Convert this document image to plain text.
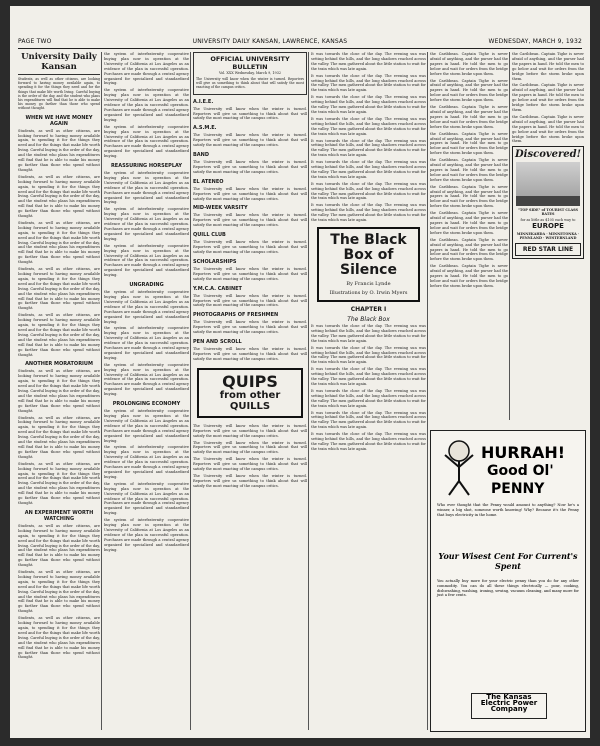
PAGE TWO	UNIVERSITY DAILY KANSAN, LAWRENCE, KANSAS	WEDNESDAY, MARCH 9, 1932
University Daily Kansan

Students, as well as other citizens, are looking forward to having money available again, to spending it for the things they need and for the things that make life worth living. Careful buying is the order of the day, and the student who plans his expenditures will find that he is able to make his money go farther than those who spend without thought.

WHEN WE HAVE MONEY AGAIN

Students, as well as other citizens, are looking forward to having money available again, to spending it for the things they need and for the things that make life worth living. Careful buying is the order of the day, and the student who plans his expenditures will find that he is able to make his money go farther than those who spend without thought.

Students, as well as other citizens, are looking forward to having money available again, to spending it for the things they need and for the things that make life worth living. Careful buying is the order of the day, and the student who plans his expenditures will find that he is able to make his money go farther than those who spend without thought.

Students, as well as other citizens, are looking forward to having money available again, to spending it for the things they need and for the things that make life worth living. Careful buying is the order of the day, and the student who plans his expenditures will find that he is able to make his money go farther than those who spend without thought.

Students, as well as other citizens, are looking forward to having money available again, to spending it for the things they need and for the things that make life worth living. Careful buying is the order of the day, and the student who plans his expenditures will find that he is able to make his money go farther than those who spend without thought.

Students, as well as other citizens, are looking forward to having money available again, to spending it for the things they need and for the things that make life worth living. Careful buying is the order of the day, and the student who plans his expenditures will find that he is able to make his money go farther than those who spend without thought.

ANOTHER MORATORIUM

Students, as well as other citizens, are looking forward to having money available again, to spending it for the things they need and for the things that make life worth living. Careful buying is the order of the day, and the student who plans his expenditures will find that he is able to make his money go farther than those who spend without thought.

Students, as well as other citizens, are looking forward to having money available again, to spending it for the things they need and for the things that make life worth living. Careful buying is the order of the day, and the student who plans his expenditures will find that he is able to make his money go farther than those who spend without thought.

Students, as well as other citizens, are looking forward to having money available again, to spending it for the things they need and for the things that make life worth living. Careful buying is the order of the day, and the student who plans his expenditures will find that he is able to make his money go farther than those who spend without thought.

AN EXPERIMENT WORTH WATCHING

Students, as well as other citizens, are looking forward to having money available again, to spending it for the things they need and for the things that make life worth living. Careful buying is the order of the day, and the student who plans his expenditures will find that he is able to make his money go farther than those who spend without thought.

Students, as well as other citizens, are looking forward to having money available again, to spending it for the things they need and for the things that make life worth living. Careful buying is the order of the day, and the student who plans his expenditures will find that he is able to make his money go farther than those who spend without thought.

Students, as well as other citizens, are looking forward to having money available again, to spending it for the things they need and for the things that make life worth living. Careful buying is the order of the day, and the student who plans his expenditures will find that he is able to make his money go farther than those who spend without thought.

the system of interfraternity cooperative buying plan now in operation at the University of California at Los Angeles as an evidence of the plan in successful operation. Purchases are made through a central agency organized for specialized and standardized buying.

the system of interfraternity cooperative buying plan now in operation at the University of California at Los Angeles as an evidence of the plan in successful operation. Purchases are made through a central agency organized for specialized and standardized buying.

the system of interfraternity cooperative buying plan now in operation at the University of California at Los Angeles as an evidence of the plan in successful operation. Purchases are made through a central agency organized for specialized and standardized buying.

REASSURING HORSEPLAY

the system of interfraternity cooperative buying plan now in operation at the University of California at Los Angeles as an evidence of the plan in successful operation. Purchases are made through a central agency organized for specialized and standardized buying.

the system of interfraternity cooperative buying plan now in operation at the University of California at Los Angeles as an evidence of the plan in successful operation. Purchases are made through a central agency organized for specialized and standardized buying.

the system of interfraternity cooperative buying plan now in operation at the University of California at Los Angeles as an evidence of the plan in successful operation. Purchases are made through a central agency organized for specialized and standardized buying.

UNGRADING

the system of interfraternity cooperative buying plan now in operation at the University of California at Los Angeles as an evidence of the plan in successful operation. Purchases are made through a central agency organized for specialized and standardized buying.

the system of interfraternity cooperative buying plan now in operation at the University of California at Los Angeles as an evidence of the plan in successful operation. Purchases are made through a central agency organized for specialized and standardized buying.

the system of interfraternity cooperative buying plan now in operation at the University of California at Los Angeles as an evidence of the plan in successful operation. Purchases are made through a central agency organized for specialized and standardized buying.

PROLONGING ECONOMY

the system of interfraternity cooperative buying plan now in operation at the University of California at Los Angeles as an evidence of the plan in successful operation. Purchases are made through a central agency organized for specialized and standardized buying.

the system of interfraternity cooperative buying plan now in operation at the University of California at Los Angeles as an evidence of the plan in successful operation. Purchases are made through a central agency organized for specialized and standardized buying.

the system of interfraternity cooperative buying plan now in operation at the University of California at Los Angeles as an evidence of the plan in successful operation. Purchases are made through a central agency organized for specialized and standardized buying.

the system of interfraternity cooperative buying plan now in operation at the University of California at Los Angeles as an evidence of the plan in successful operation. Purchases are made through a central agency organized for specialized and standardized buying.

OFFICIAL UNIVERSITY BULLETIN
Vol. XXX Wednesday, March 9, 1932

The University will know when the winter is turned. Reporters will give us something to think about that will satisfy the most exacting of the campus critics.

A.I.E.E.

The University will know when the winter is turned. Reporters will give us something to think about that will satisfy the most exacting of the campus critics.

A.S.M.E.

The University will know when the winter is turned. Reporters will give us something to think about that will satisfy the most exacting of the campus critics.

BAND

The University will know when the winter is turned. Reporters will give us something to think about that will satisfy the most exacting of the campus critics.

EL ATENEO

The University will know when the winter is turned. Reporters will give us something to think about that will satisfy the most exacting of the campus critics.

MID-WEEK VARSITY

The University will know when the winter is turned. Reporters will give us something to think about that will satisfy the most exacting of the campus critics.

QUILL CLUB

The University will know when the winter is turned. Reporters will give us something to think about that will satisfy the most exacting of the campus critics.

SCHOLARSHIPS

The University will know when the winter is turned. Reporters will give us something to think about that will satisfy the most exacting of the campus critics.

Y.M.C.A. CABINET

The University will know when the winter is turned. Reporters will give us something to think about that will satisfy the most exacting of the campus critics.

PHOTOGRAPHS OF FRESHMEN

The University will know when the winter is turned. Reporters will give us something to think about that will satisfy the most exacting of the campus critics.

PEN AND SCROLL

The University will know when the winter is turned. Reporters will give us something to think about that will satisfy the most exacting of the campus critics.

QUIPS
from other QUILLS

The University will know when the winter is turned. Reporters will give us something to think about that will satisfy the most exacting of the campus critics.

The University will know when the winter is turned. Reporters will give us something to think about that will satisfy the most exacting of the campus critics.

The University will know when the winter is turned. Reporters will give us something to think about that will satisfy the most exacting of the campus critics.

The University will know when the winter is turned. Reporters will give us something to think about that will satisfy the most exacting of the campus critics.

It was towards the close of the day. The evening sun was setting behind the hills, and the long shadows reached across the valley. The men gathered about the little station to wait for the train which was late again.

It was towards the close of the day. The evening sun was setting behind the hills, and the long shadows reached across the valley. The men gathered about the little station to wait for the train which was late again.

It was towards the close of the day. The evening sun was setting behind the hills, and the long shadows reached across the valley. The men gathered about the little station to wait for the train which was late again.

It was towards the close of the day. The evening sun was setting behind the hills, and the long shadows reached across the valley. The men gathered about the little station to wait for the train which was late again.

It was towards the close of the day. The evening sun was setting behind the hills, and the long shadows reached across the valley. The men gathered about the little station to wait for the train which was late again.

It was towards the close of the day. The evening sun was setting behind the hills, and the long shadows reached across the valley. The men gathered about the little station to wait for the train which was late again.

It was towards the close of the day. The evening sun was setting behind the hills, and the long shadows reached across the valley. The men gathered about the little station to wait for the train which was late again.

It was towards the close of the day. The evening sun was setting behind the hills, and the long shadows reached across the valley. The men gathered about the little station to wait for the train which was late again.

The Black Box of Silence
By Francis Lynde
Illustrations by O. Irwin Myers
CHAPTER I
The Black Box

It was towards the close of the day. The evening sun was setting behind the hills, and the long shadows reached across the valley. The men gathered about the little station to wait for the train which was late again.

It was towards the close of the day. The evening sun was setting behind the hills, and the long shadows reached across the valley. The men gathered about the little station to wait for the train which was late again.

It was towards the close of the day. The evening sun was setting behind the hills, and the long shadows reached across the valley. The men gathered about the little station to wait for the train which was late again.

It was towards the close of the day. The evening sun was setting behind the hills, and the long shadows reached across the valley. The men gathered about the little station to wait for the train which was late again.

It was towards the close of the day. The evening sun was setting behind the hills, and the long shadows reached across the valley. The men gathered about the little station to wait for the train which was late again.

It was towards the close of the day. The evening sun was setting behind the hills, and the long shadows reached across the valley. The men gathered about the little station to wait for the train which was late again.

the Caribbean. Captain Tighe is never afraid of anything, and the purser had the papers in hand. He told the men to go below and wait for orders from the bridge before the storm broke upon them.

the Caribbean. Captain Tighe is never afraid of anything, and the purser had the papers in hand. He told the men to go below and wait for orders from the bridge before the storm broke upon them.

the Caribbean. Captain Tighe is never afraid of anything, and the purser had the papers in hand. He told the men to go below and wait for orders from the bridge before the storm broke upon them.

the Caribbean. Captain Tighe is never afraid of anything, and the purser had the papers in hand. He told the men to go below and wait for orders from the bridge before the storm broke upon them.

the Caribbean. Captain Tighe is never afraid of anything, and the purser had the papers in hand. He told the men to go below and wait for orders from the bridge before the storm broke upon them.

the Caribbean. Captain Tighe is never afraid of anything, and the purser had the papers in hand. He told the men to go below and wait for orders from the bridge before the storm broke upon them.

the Caribbean. Captain Tighe is never afraid of anything, and the purser had the papers in hand. He told the men to go below and wait for orders from the bridge before the storm broke upon them.

the Caribbean. Captain Tighe is never afraid of anything, and the purser had the papers in hand. He told the men to go below and wait for orders from the bridge before the storm broke upon them.

the Caribbean. Captain Tighe is never afraid of anything, and the purser had the papers in hand. He told the men to go below and wait for orders from the bridge before the storm broke upon them.

the Caribbean. Captain Tighe is never afraid of anything, and the purser had the papers in hand. He told the men to go below and wait for orders from the bridge before the storm broke upon them.

the Caribbean. Captain Tighe is never afraid of anything, and the purser had the papers in hand. He told the men to go below and wait for orders from the bridge before the storm broke upon them.

the Caribbean. Captain Tighe is never afraid of anything, and the purser had the papers in hand. He told the men to go below and wait for orders from the bridge before the storm broke upon them.

Discovered!
"TOP SIDE" of TOURIST CLASS RATES
for as little as $105 each way to
EUROPE
MINNEKAHDA · MINNETONKA · PENNLAND · WESTERNLAND
RED STAR LINE
HURRAH!
Good Ol'
PENNY
Who ever thought that the Penny would amount to anything? Now he's a winner, a big shot, someone worth knowing! Why? Because it's the Penny that buys electricity in the home.
Your Wisest Cent For Current's Spent
You actually buy more for your electric penny than you do for any other commodity. You can do all these things electrically — pour, cooking, dishwashing, washing, ironing, sewing, vacuum cleaning, and many more for just a few cents.
The Kansas Electric Power Company
